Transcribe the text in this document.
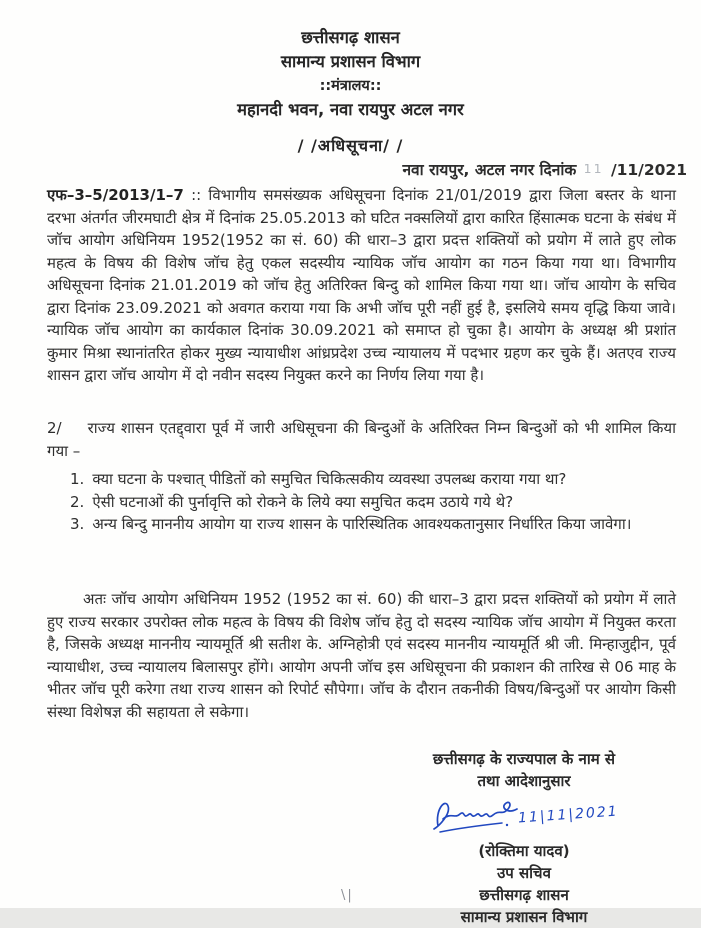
छत्तीसगढ़ शासन
सामान्य प्रशासन विभाग
::मंत्रालय::
महानदी भवन, नवा रायपुर अटल नगर
/ /अधिसूचना/ /
नवा रायपुर, अटल नगर दिनांक 11 /11/2021

एफ–3–5/2013/1–7 :: विभागीय समसंख्यक अधिसूचना दिनांक 21/01/2019 द्वारा जिला बस्तर के थाना दरभा अंतर्गत जीरमघाटी क्षेत्र में दिनांक 25.05.2013 को घटित नक्सलियों द्वारा कारित हिंसात्मक घटना के संबंध में जॉच आयोग अधिनियम 1952(1952 का सं. 60) की धारा–3 द्वारा प्रदत्त शक्तियों को प्रयोग में लाते हुए लोक महत्व के विषय की विशेष जॉच हेतु एकल सदस्यीय न्यायिक जॉच आयोग का गठन किया गया था। विभागीय अधिसूचना दिनांक 21.01.2019 को जॉच हेतु अतिरिक्त बिन्दु को शामिल किया गया था। जॉच आयोग के सचिव द्वारा दिनांक 23.09.2021 को अवगत कराया गया कि अभी जॉच पूरी नहीं हुई है, इसलिये समय वृद्धि किया जावे। न्यायिक जॉच आयोग का कार्यकाल दिनांक 30.09.2021 को समाप्त हो चुका है। आयोग के अध्यक्ष श्री प्रशांत कुमार मिश्रा स्थानांतरित होकर मुख्य न्यायाधीश आंध्रप्रदेश उच्च न्यायालय में पदभार ग्रहण कर चुके हैं। अतएव राज्य शासन द्वारा जॉच आयोग में दो नवीन सदस्य नियुक्त करने का निर्णय लिया गया है।

2/ राज्य शासन एतद्द्वारा पूर्व में जारी अधिसूचना की बिन्दुओं के अतिरिक्त निम्न बिन्दुओं को भी शामिल किया गया –

1. क्या घटना के पश्चात् पीडितों को समुचित चिकित्सकीय व्यवस्था उपलब्ध कराया गया था?
2. ऐसी घटनाओं की पुर्नावृत्ति को रोकने के लिये क्या समुचित कदम उठाये गये थे?
3. अन्य बिन्दु माननीय आयोग या राज्य शासन के पारिस्थितिक आवश्यकतानुसार निर्धारित किया जावेगा।

अतः जॉच आयोग अधिनियम 1952 (1952 का सं. 60) की धारा–3 द्वारा प्रदत्त शक्तियों को प्रयोग में लाते हुए राज्य सरकार उपरोक्त लोक महत्व के विषय की विशेष जॉच हेतु दो सदस्य न्यायिक जॉच आयोग में नियुक्त करता है, जिसके अध्यक्ष माननीय न्यायमूर्ति श्री सतीश के. अग्निहोत्री एवं सदस्य माननीय न्यायमूर्ति श्री जी. मिन्हाजुद्दीन, पूर्व न्यायाधीश, उच्च न्यायालय बिलासपुर होंगे। आयोग अपनी जॉच इस अधिसूचना की प्रकाशन की तारिख से 06 माह के भीतर जॉच पूरी करेगा तथा राज्य शासन को रिपोर्ट सौपेगा। जॉच के दौरान तकनीकी विषय/बिन्दुओं पर आयोग किसी संस्था विशेषज्ञ की सहायता ले सकेगा।

छत्तीसगढ़ के राज्यपाल के नाम से
तथा आदेशानुसार
11|11|2021
(रोक्तिमा यादव)
उप सचिव
छत्तीसगढ़ शासन
सामान्य प्रशासन विभाग
\|
